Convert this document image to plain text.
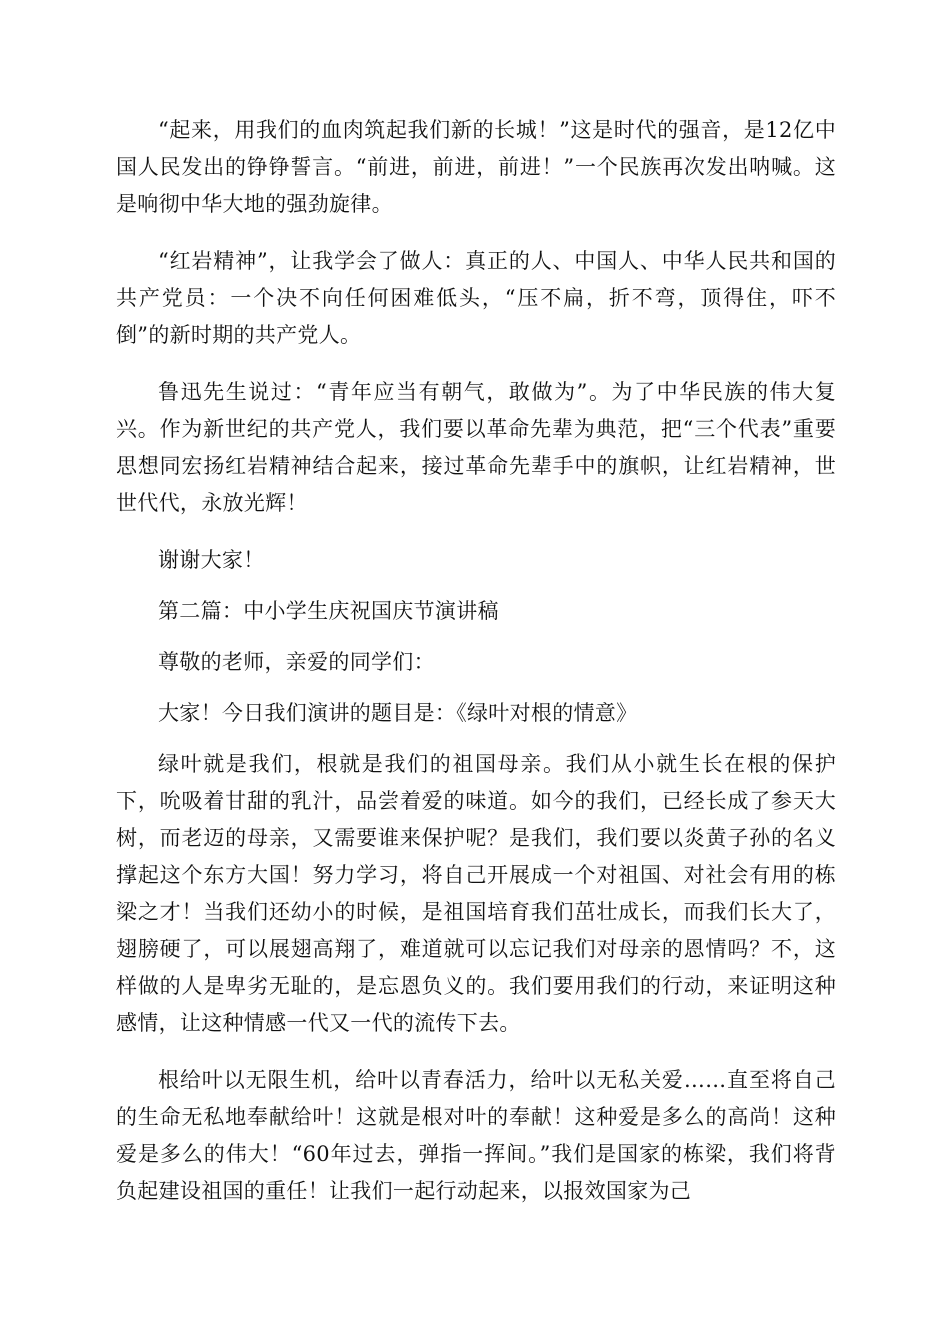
“起来，用我们的血肉筑起我们新的长城！”这是时代的强音，是12亿中国人民发出的铮铮誓言。“前进，前进，前进！”一个民族再次发出呐喊。这是响彻中华大地的强劲旋律。

“红岩精神”，让我学会了做人：真正的人、中国人、中华人民共和国的共产党员：一个决不向任何困难低头，“压不扁，折不弯，顶得住，吓不倒”的新时期的共产党人。

鲁迅先生说过：“青年应当有朝气，敢做为”。为了中华民族的伟大复兴。作为新世纪的共产党人，我们要以革命先辈为典范，把“三个代表”重要思想同宏扬红岩精神结合起来，接过革命先辈手中的旗帜，让红岩精神，世世代代，永放光辉！

谢谢大家！

第二篇：中小学生庆祝国庆节演讲稿

尊敬的老师，亲爱的同学们：

大家！今日我们演讲的题目是：《绿叶对根的情意》

绿叶就是我们，根就是我们的祖国母亲。我们从小就生长在根的保护下，吮吸着甘甜的乳汁，品尝着爱的味道。如今的我们，已经长成了参天大树，而老迈的母亲，又需要谁来保护呢？是我们，我们要以炎黄子孙的名义撑起这个东方大国！努力学习，将自己开展成一个对祖国、对社会有用的栋梁之才！当我们还幼小的时候，是祖国培育我们茁壮成长，而我们长大了，翅膀硬了，可以展翅高翔了，难道就可以忘记我们对母亲的恩情吗？不，这样做的人是卑劣无耻的，是忘恩负义的。我们要用我们的行动，来证明这种感情，让这种情感一代又一代的流传下去。

根给叶以无限生机，给叶以青春活力，给叶以无私关爱……直至将自己的生命无私地奉献给叶！这就是根对叶的奉献！这种爱是多么的高尚！这种爱是多么的伟大！“60年过去，弹指一挥间。”我们是国家的栋梁，我们将背负起建设祖国的重任！让我们一起行动起来，以报效国家为己
